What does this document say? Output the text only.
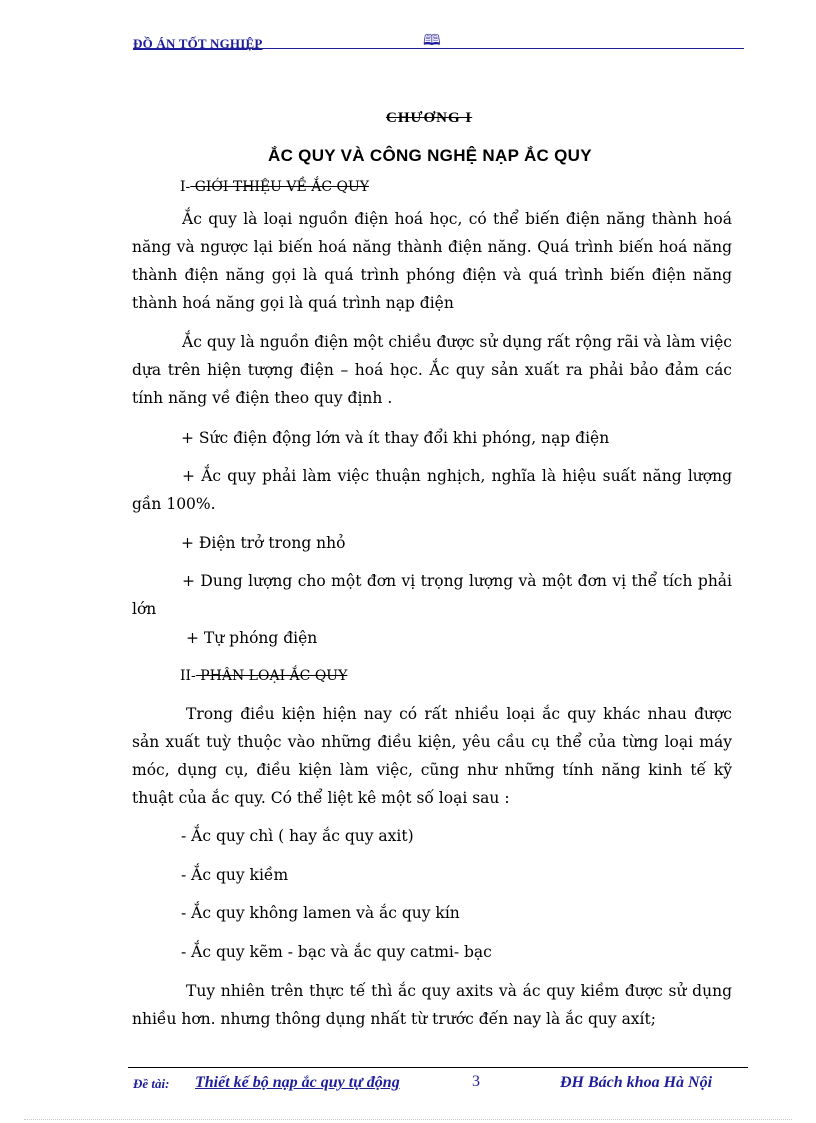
ĐỒ ÁN TỐT NGHIỆP	🕮
CHƯƠNG I
ẮC QUY VÀ CÔNG NGHỆ NẠP ẮC QUY
I- GIỚI THIỆU VỀ ẮC QUY
Ắc quy là loại nguồn điện hoá học, có thể biến điện năng thành hoá năng và ngược lại biến hoá năng thành điện năng. Quá trình biến hoá năng thành điện năng gọi là quá trình phóng điện và quá trình biến điện năng thành hoá năng gọi là quá trình nạp điện
Ắc quy là nguồn điện một chiều được sử dụng rất rộng rãi và làm việc dựa trên hiện tượng điện – hoá học. Ắc quy sản xuất ra phải bảo đảm các tính năng về điện theo quy định .
+ Sức điện động lớn và ít thay đổi khi phóng, nạp điện
+ Ắc quy phải làm việc thuận nghịch, nghĩa là hiệu suất năng lượng gần 100%.
+ Điện trở trong nhỏ
+ Dung lượng cho một đơn vị trọng lượng và một đơn vị thể tích phải lớn
+ Tự phóng điện
II- PHÂN LOẠI ẮC QUY
Trong điều kiện hiện nay có rất nhiều loại ắc quy khác nhau được sản xuất tuỳ thuộc vào những điều kiện, yêu cầu cụ thể của từng loại máy móc, dụng cụ, điều kiện làm việc, cũng như những tính năng kinh tế kỹ thuật của ắc quy. Có thể liệt kê một số loại sau :
- Ắc quy chì ( hay ắc quy axit)
- Ắc quy kiềm
- Ắc quy không lamen và ắc quy kín
- Ắc quy kẽm - bạc và ắc quy catmi- bạc
Tuy nhiên trên thực tế thì ắc quy axits và ác quy kiềm được sử dụng nhiều hơn. nhưng thông dụng nhất từ trước đến nay là ắc quy axít;
Đề tài: Thiết kế bộ nạp ắc quy tự động	3	ĐH Bách khoa Hà Nội
